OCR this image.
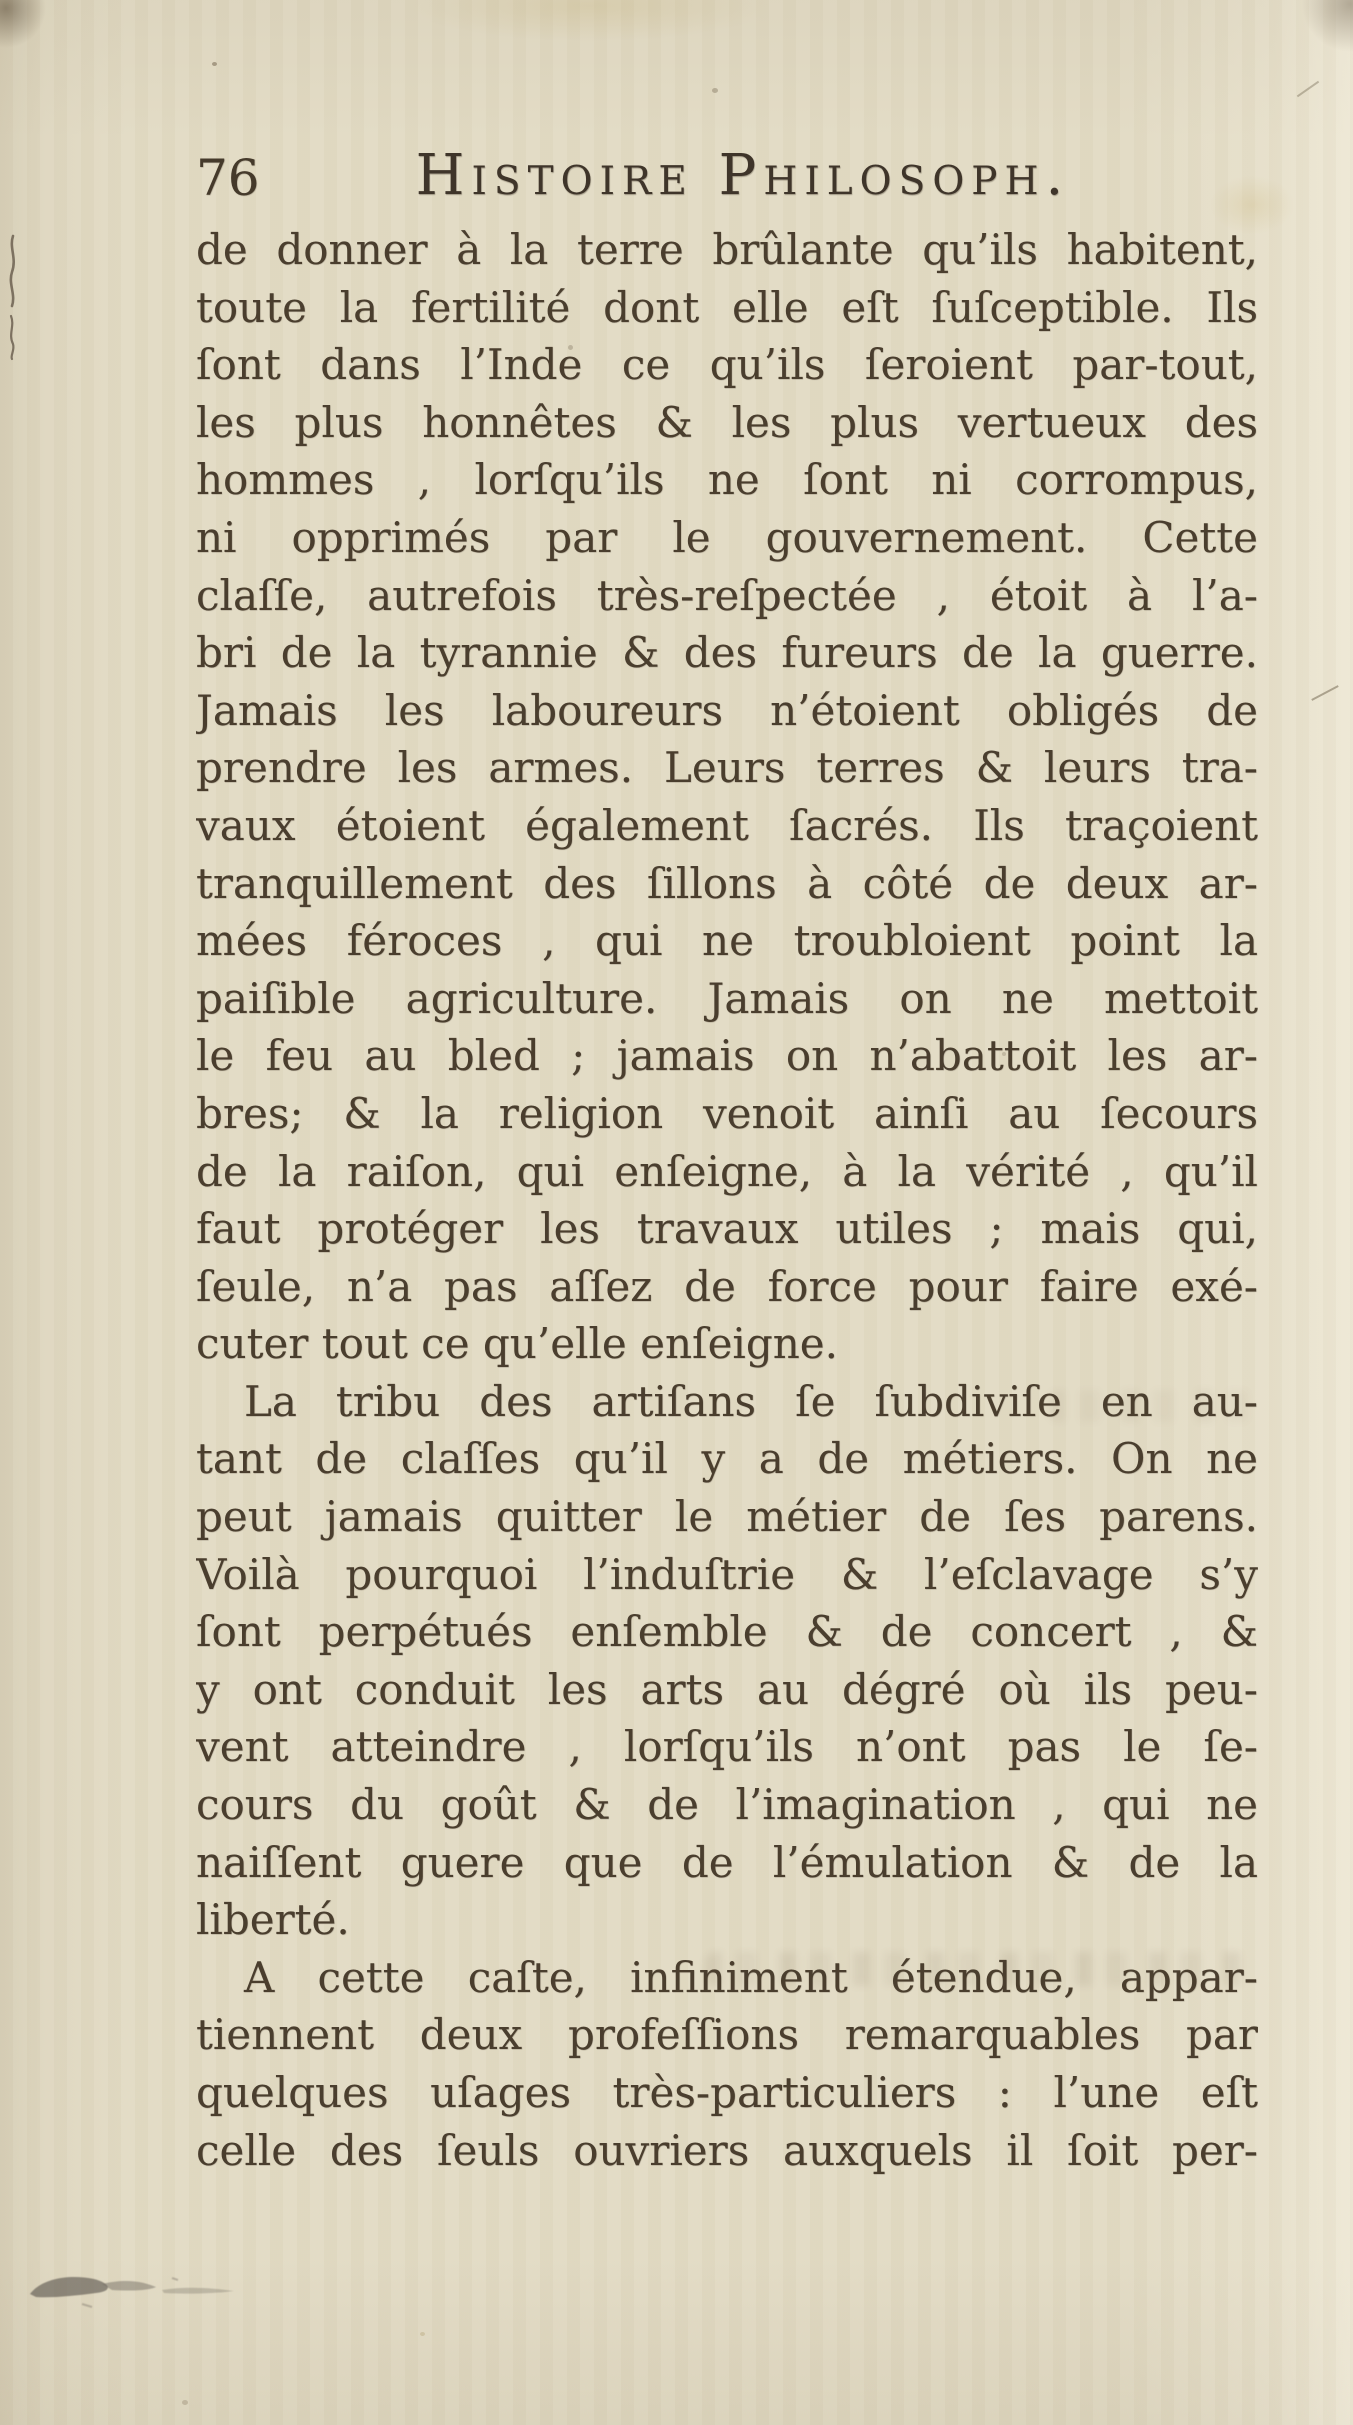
76	Histoire Philosoph.
de donner à la terre brûlante qu’ils habitent,
toute la fertilité dont elle eſt ſuſceptible. Ils
ſont dans l’Inde ce qu’ils ſeroient par-tout,
les plus honnêtes & les plus vertueux des
hommes , lorſqu’ils ne ſont ni corrompus,
ni opprimés par le gouvernement. Cette
claſſe, autrefois très-reſpectée , étoit à l’a-
bri de la tyrannie & des fureurs de la guerre.
Jamais les laboureurs n’étoient obligés de
prendre les armes. Leurs terres & leurs tra-
vaux étoient également ſacrés. Ils traçoient
tranquillement des ſillons à côté de deux ar-
mées féroces , qui ne troubloient point la
paiſible agriculture. Jamais on ne mettoit
le feu au bled ; jamais on n’abattoit les ar-
bres; & la religion venoit ainſi au ſecours
de la raiſon, qui enſeigne, à la vérité , qu’il
faut protéger les travaux utiles ; mais qui,
ſeule, n’a pas aſſez de force pour faire exé-
cuter tout ce qu’elle enſeigne.
La tribu des artiſans ſe ſubdiviſe en au-
tant de claſſes qu’il y a de métiers. On ne
peut jamais quitter le métier de ſes parens.
Voilà pourquoi l’induſtrie & l’eſclavage s’y
ſont perpétués enſemble & de concert , &
y ont conduit les arts au dégré où ils peu-
vent atteindre , lorſqu’ils n’ont pas le ſe-
cours du goût & de l’imagination , qui ne
naiſſent guere que de l’émulation & de la
liberté.
A cette caſte, infiniment étendue, appar-
tiennent deux profeſſions remarquables par
quelques uſages très-particuliers : l’une eſt
celle des ſeuls ouvriers auxquels il ſoit per-
